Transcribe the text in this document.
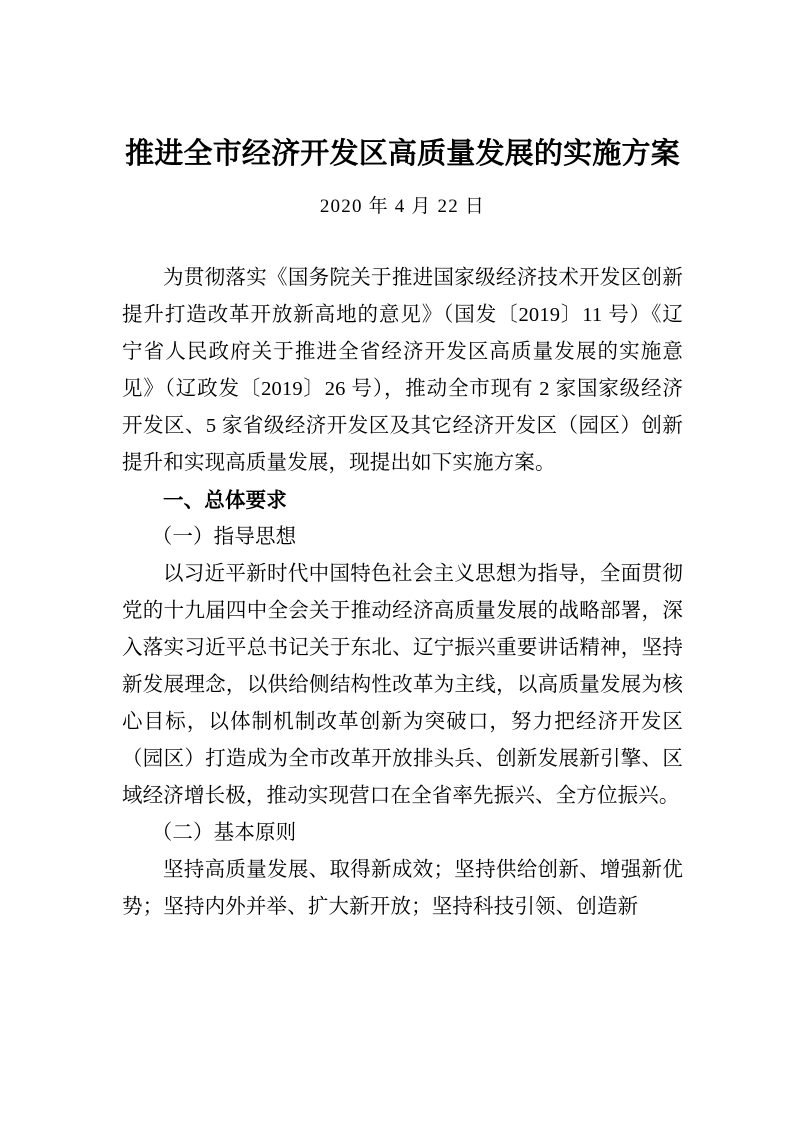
推进全市经济开发区高质量发展的实施方案

2020 年 4 月 22 日

为贯彻落实《国务院关于推进国家级经济技术开发区创新提升打造改革开放新高地的意见》（国发〔2019〕11 号）《辽宁省人民政府关于推进全省经济开发区高质量发展的实施意见》（辽政发〔2019〕26 号），推动全市现有 2 家国家级经济开发区、5 家省级经济开发区及其它经济开发区（园区）创新提升和实现高质量发展，现提出如下实施方案。

一、总体要求

（一）指导思想

以习近平新时代中国特色社会主义思想为指导，全面贯彻党的十九届四中全会关于推动经济高质量发展的战略部署，深入落实习近平总书记关于东北、辽宁振兴重要讲话精神，坚持新发展理念，以供给侧结构性改革为主线，以高质量发展为核心目标，以体制机制改革创新为突破口，努力把经济开发区（园区）打造成为全市改革开放排头兵、创新发展新引擎、区域经济增长极，推动实现营口在全省率先振兴、全方位振兴。

（二）基本原则

坚持高质量发展、取得新成效；坚持供给创新、增强新优势；坚持内外并举、扩大新开放；坚持科技引领、创造新
